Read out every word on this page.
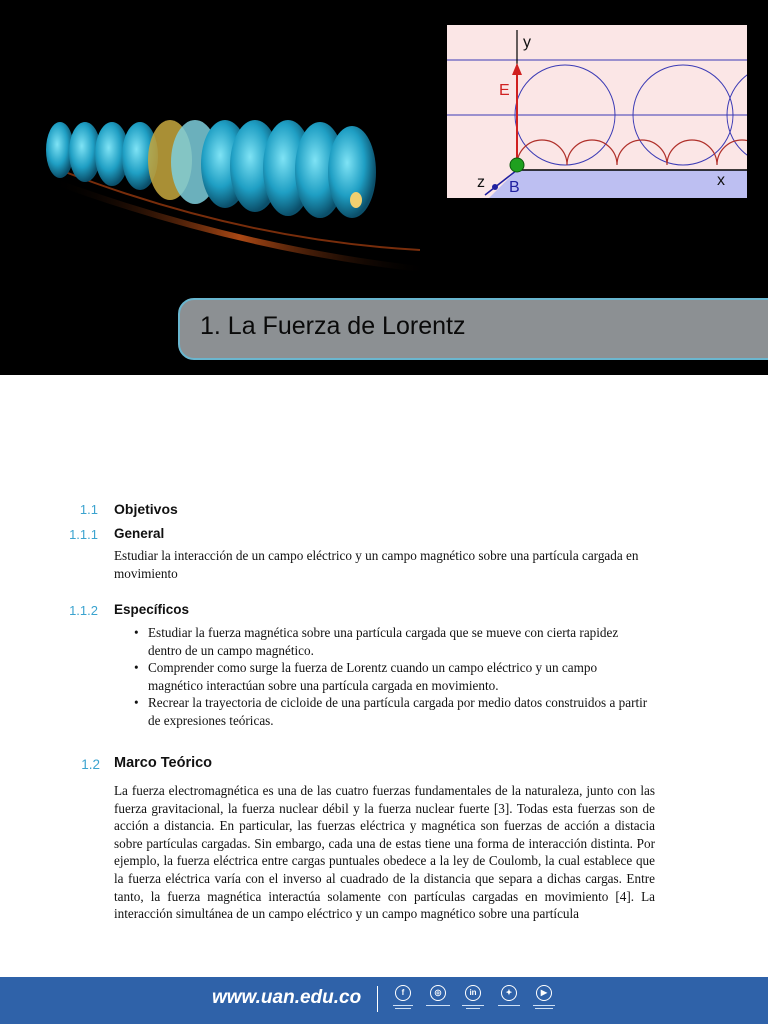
y
E
x
z B
1. La Fuerza de Lorentz
1.1 Objetivos
1.1.1 General
Estudiar la interacción de un campo eléctrico y un campo magnético sobre una partícula cargada en movimiento
1.1.2 Específicos
• Estudiar la fuerza magnética sobre una partícula cargada que se mueve con cierta rapidez dentro de un campo magnético.
• Comprender como surge la fuerza de Lorentz cuando un campo eléctrico y un campo magnético interactúan sobre una partícula cargada en movimiento.
• Recrear la trayectoria de cicloide de una partícula cargada por medio datos construidos a partir de expresiones teóricas.
1.2 Marco Teórico
La fuerza electromagnética es una de las cuatro fuerzas fundamentales de la naturaleza, junto con las fuerza gravitacional, la fuerza nuclear débil y la fuerza nuclear fuerte [3]. Todas esta fuerzas son de acción a distancia. En particular, las fuerzas eléctrica y magnética son fuerzas de acción a distacia sobre partículas cargadas. Sin embargo, cada una de estas tiene una forma de interacción distinta. Por ejemplo, la fuerza eléctrica entre cargas puntuales obedece a la ley de Coulomb, la cual establece que la fuerza eléctrica varía con el inverso al cuadrado de la distancia que separa a dichas cargas. Entre tanto, la fuerza magnética interactúa solamente con partículas cargadas en movimiento [4]. La interacción simultánea de un campo eléctrico y un campo magnético sobre una partícula
www.uan.edu.co	f	◎	in	✦	▶
